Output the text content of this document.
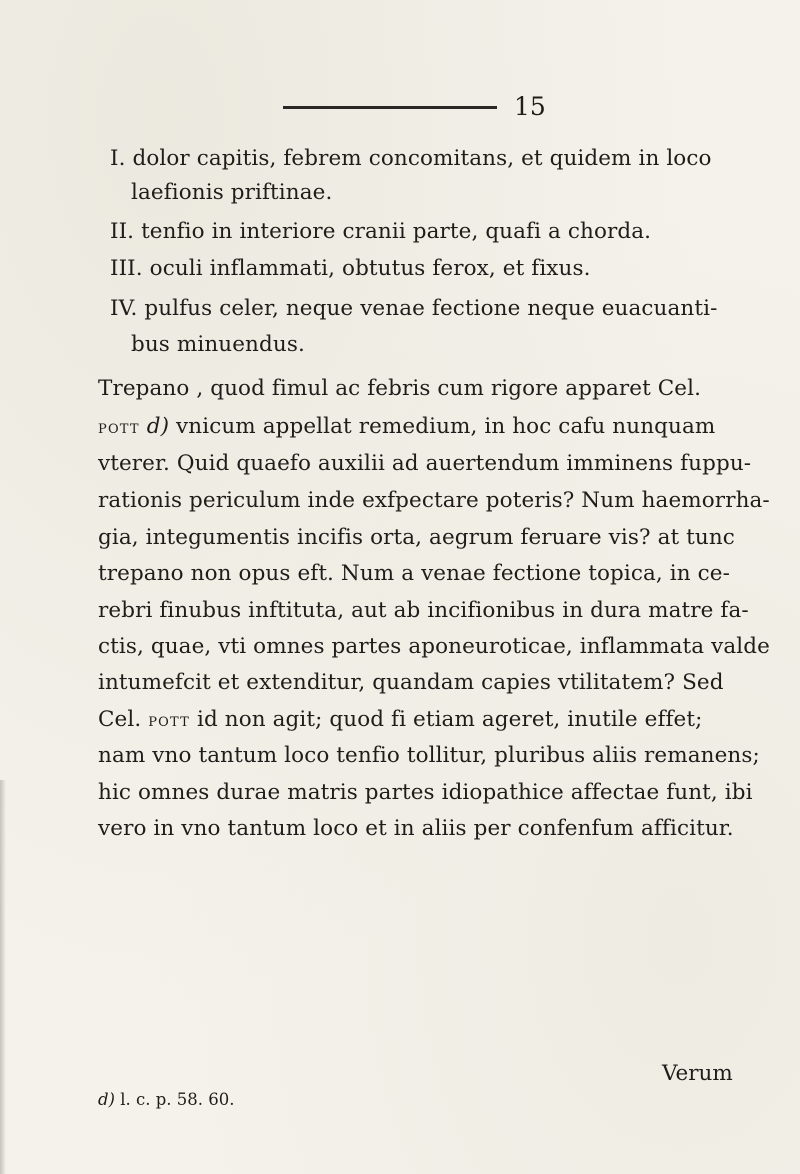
15
I. dolor capitis, febrem concomitans, et quidem in loco
laefionis priftinae.
II. tenfio in interiore cranii parte, quafi a chorda.
III. oculi inflammati, obtutus ferox, et fixus.
IV. pulfus celer, neque venae fectione neque euacuanti-
bus minuendus.
Trepano , quod fimul ac febris cum rigore apparet Cel.
pott d) vnicum appellat remedium, in hoc cafu nunquam
vterer. Quid quaefo auxilii ad auertendum imminens fuppu-
rationis periculum inde exfpectare poteris? Num haemorrha-
gia, integumentis incifis orta, aegrum feruare vis? at tunc
trepano non opus eft. Num a venae fectione topica, in ce-
rebri finubus inftituta, aut ab incifionibus in dura matre fa-
ctis, quae, vti omnes partes aponeuroticae, inflammata valde
intumefcit et extenditur, quandam capies vtilitatem? Sed
Cel. pott id non agit; quod fi etiam ageret, inutile effet;
nam vno tantum loco tenfio tollitur, pluribus aliis remanens;
hic omnes durae matris partes idiopathice affectae funt, ibi
vero in vno tantum loco et in aliis per confenfum afficitur.
Verum
d) l. c. p. 58. 60.
